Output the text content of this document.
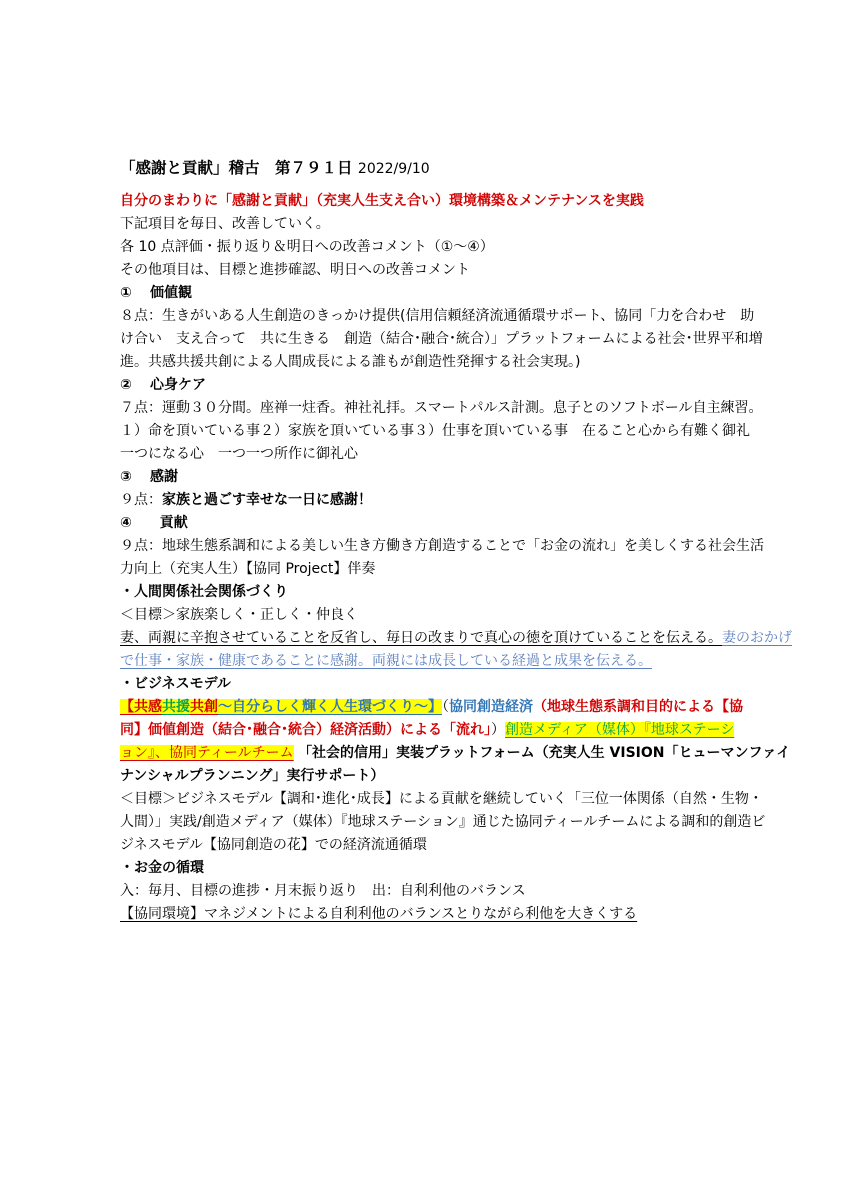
「感謝と貢献」稽古　第７９１日 2022/9/10
自分のまわりに「感謝と貢献」（充実人生支え合い）環境構築＆メンテナンスを実践
下記項目を毎日、改善していく。
各 10 点評価・振り返り＆明日への改善コメント（①～④）
その他項目は、目標と進捗確認、明日への改善コメント
① 価値観
８点：生きがいある人生創造のきっかけ提供(信用信頼経済流通循環サポート、協同「力を合わせ　助
け合い　支え合って　共に生きる　創造（結合･融合･統合）」プラットフォームによる社会･世界平和増
進。共感共援共創による人間成長による誰もが創造性発揮する社会実現。)
② 心身ケア
７点：運動３０分間。座禅一炷香。神社礼拝。スマートパルス計測。息子とのソフトボール自主練習。
１）命を頂いている事２）家族を頂いている事３）仕事を頂いている事　在ること心から有難く御礼
一つになる心　一つ一つ所作に御礼心
③ 感謝
９点：家族と過ごす幸せな一日に感謝！
④ 貢献
９点：地球生態系調和による美しい生き方働き方創造することで「お金の流れ」を美しくする社会生活
力向上（充実人生）【協同 Project】伴奏
・人間関係社会関係づくり
＜目標＞家族楽しく・正しく・仲良く
妻、両親に辛抱させていることを反省し、毎日の改まりで真心の徳を頂けていることを伝える。妻のおかげ
で仕事・家族・健康であることに感謝。両親には成長している経過と成果を伝える。
・ビジネスモデル
【共感共援共創～自分らしく輝く人生環づくり～】（協同創造経済（地球生態系調和目的による【協
同】価値創造（結合･融合･統合）経済活動）による「流れ」）創造メディア（媒体）『地球ステーシ
ョン』、協同ティールチーム 「社会的信用」実装プラットフォーム（充実人生 VISION「ヒューマンファイ
ナンシャルプランニング」実行サポート）
＜目標＞ビジネスモデル【調和･進化･成長】による貢献を継続していく「三位一体関係（自然・生物・
人間）」実践/創造メディア（媒体）『地球ステーション』通じた協同ティールチームによる調和的創造ビ
ジネスモデル【協同創造の花】での経済流通循環
・お金の循環
入：毎月、目標の進捗・月末振り返り　出：自利利他のバランス
【協同環境】マネジメントによる自利利他のバランスとりながら利他を大きくする
